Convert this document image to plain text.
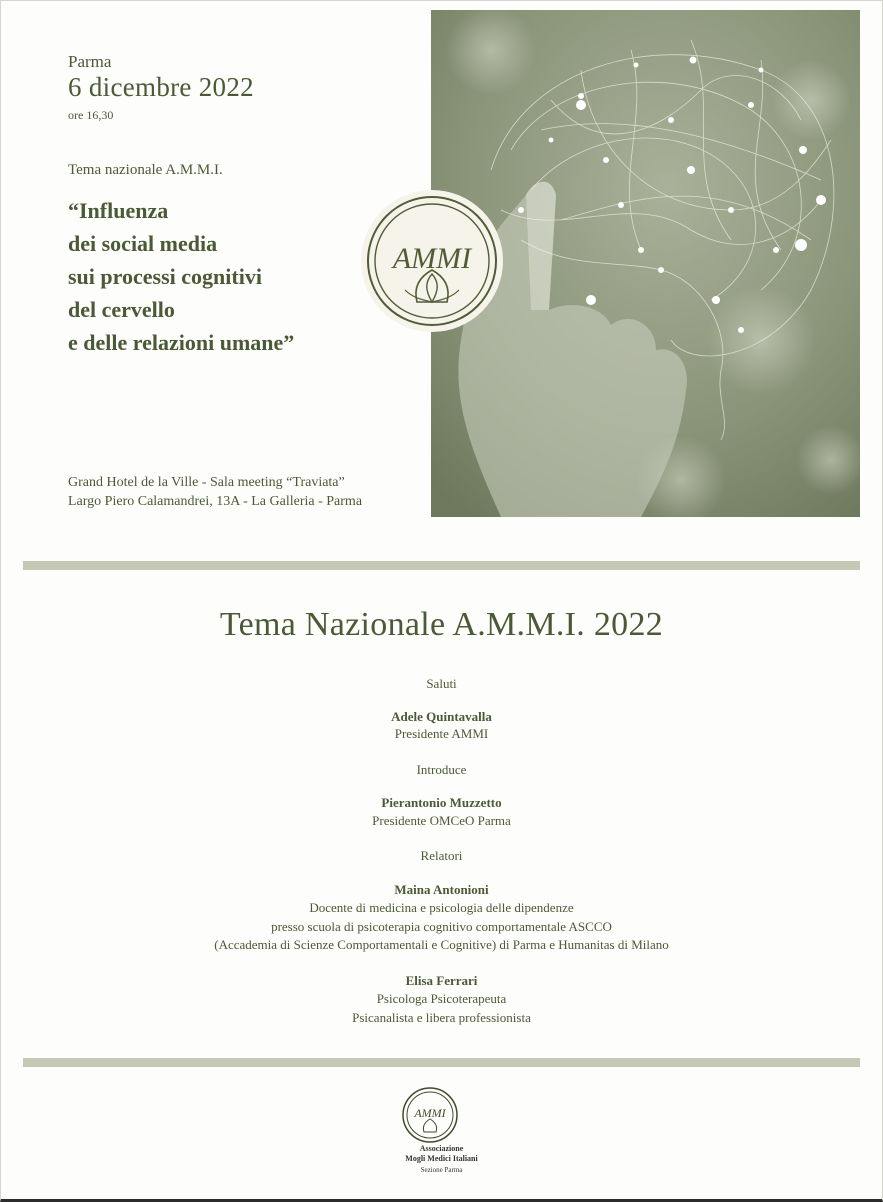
Parma
6 dicembre 2022
ore 16,30
Tema nazionale A.M.M.I.
“Influenza
dei social media
sui processi cognitivi
del cervello
e delle relazioni umane”
Grand Hotel de la Ville - Sala meeting “Traviata”
Largo Piero Calamandrei, 13A - La Galleria - Parma
AMMI
Tema Nazionale A.M.M.I. 2022
Saluti
Adele Quintavalla
Presidente AMMI
Introduce
Pierantonio Muzzetto
Presidente OMCeO Parma
Relatori
Maina Antonioni
Docente di medicina e psicologia delle dipendenze
presso scuola di psicoterapia cognitivo comportamentale ASCCO
(Accademia di Scienze Comportamentali e Cognitive) di Parma e Humanitas di Milano
Elisa Ferrari
Psicologa Psicoterapeuta
Psicanalista e libera professionista
AMMI
Associazione
Mogli Medici Italiani
Sezione Parma
